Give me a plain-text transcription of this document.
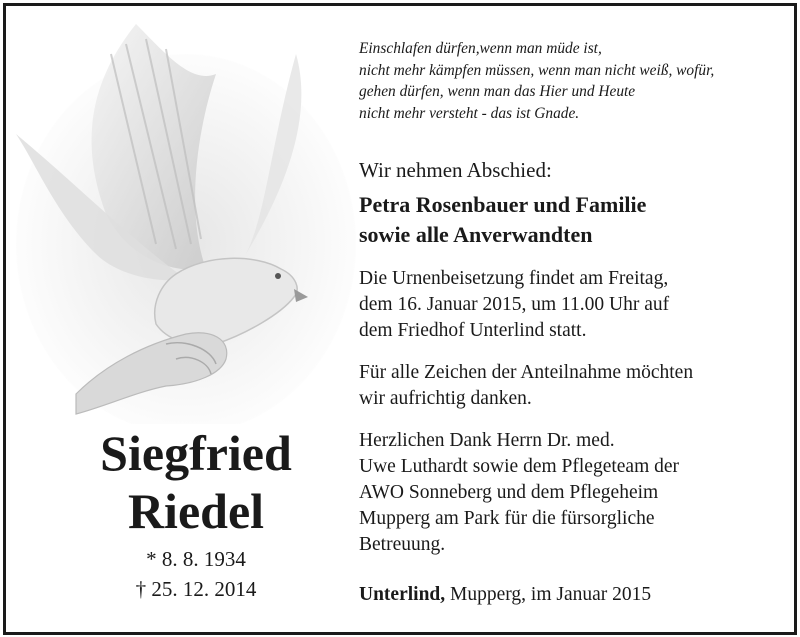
Siegfried

Riedel

* 8. 8. 1934
† 25. 12. 2014
Einschlafen dürfen,wenn man müde ist,
nicht mehr kämpfen müssen, wenn man nicht weiß, wofür,
gehen dürfen, wenn man das Hier und Heute
nicht mehr versteht - das ist Gnade.

Wir nehmen Abschied:

Petra Rosenbauer und Familie
sowie alle Anverwandten
Die Urnenbeisetzung findet am Freitag,
dem 16. Januar 2015, um 11.00 Uhr auf
dem Friedhof Unterlind statt.
Für alle Zeichen der Anteilnahme möchten
wir aufrichtig danken.
Herzlichen Dank Herrn Dr. med.
Uwe Luthardt sowie dem Pflegeteam der
AWO Sonneberg und dem Pflegeheim
Mupperg am Park für die fürsorgliche
Betreuung.
Unterlind, Mupperg, im Januar 2015
